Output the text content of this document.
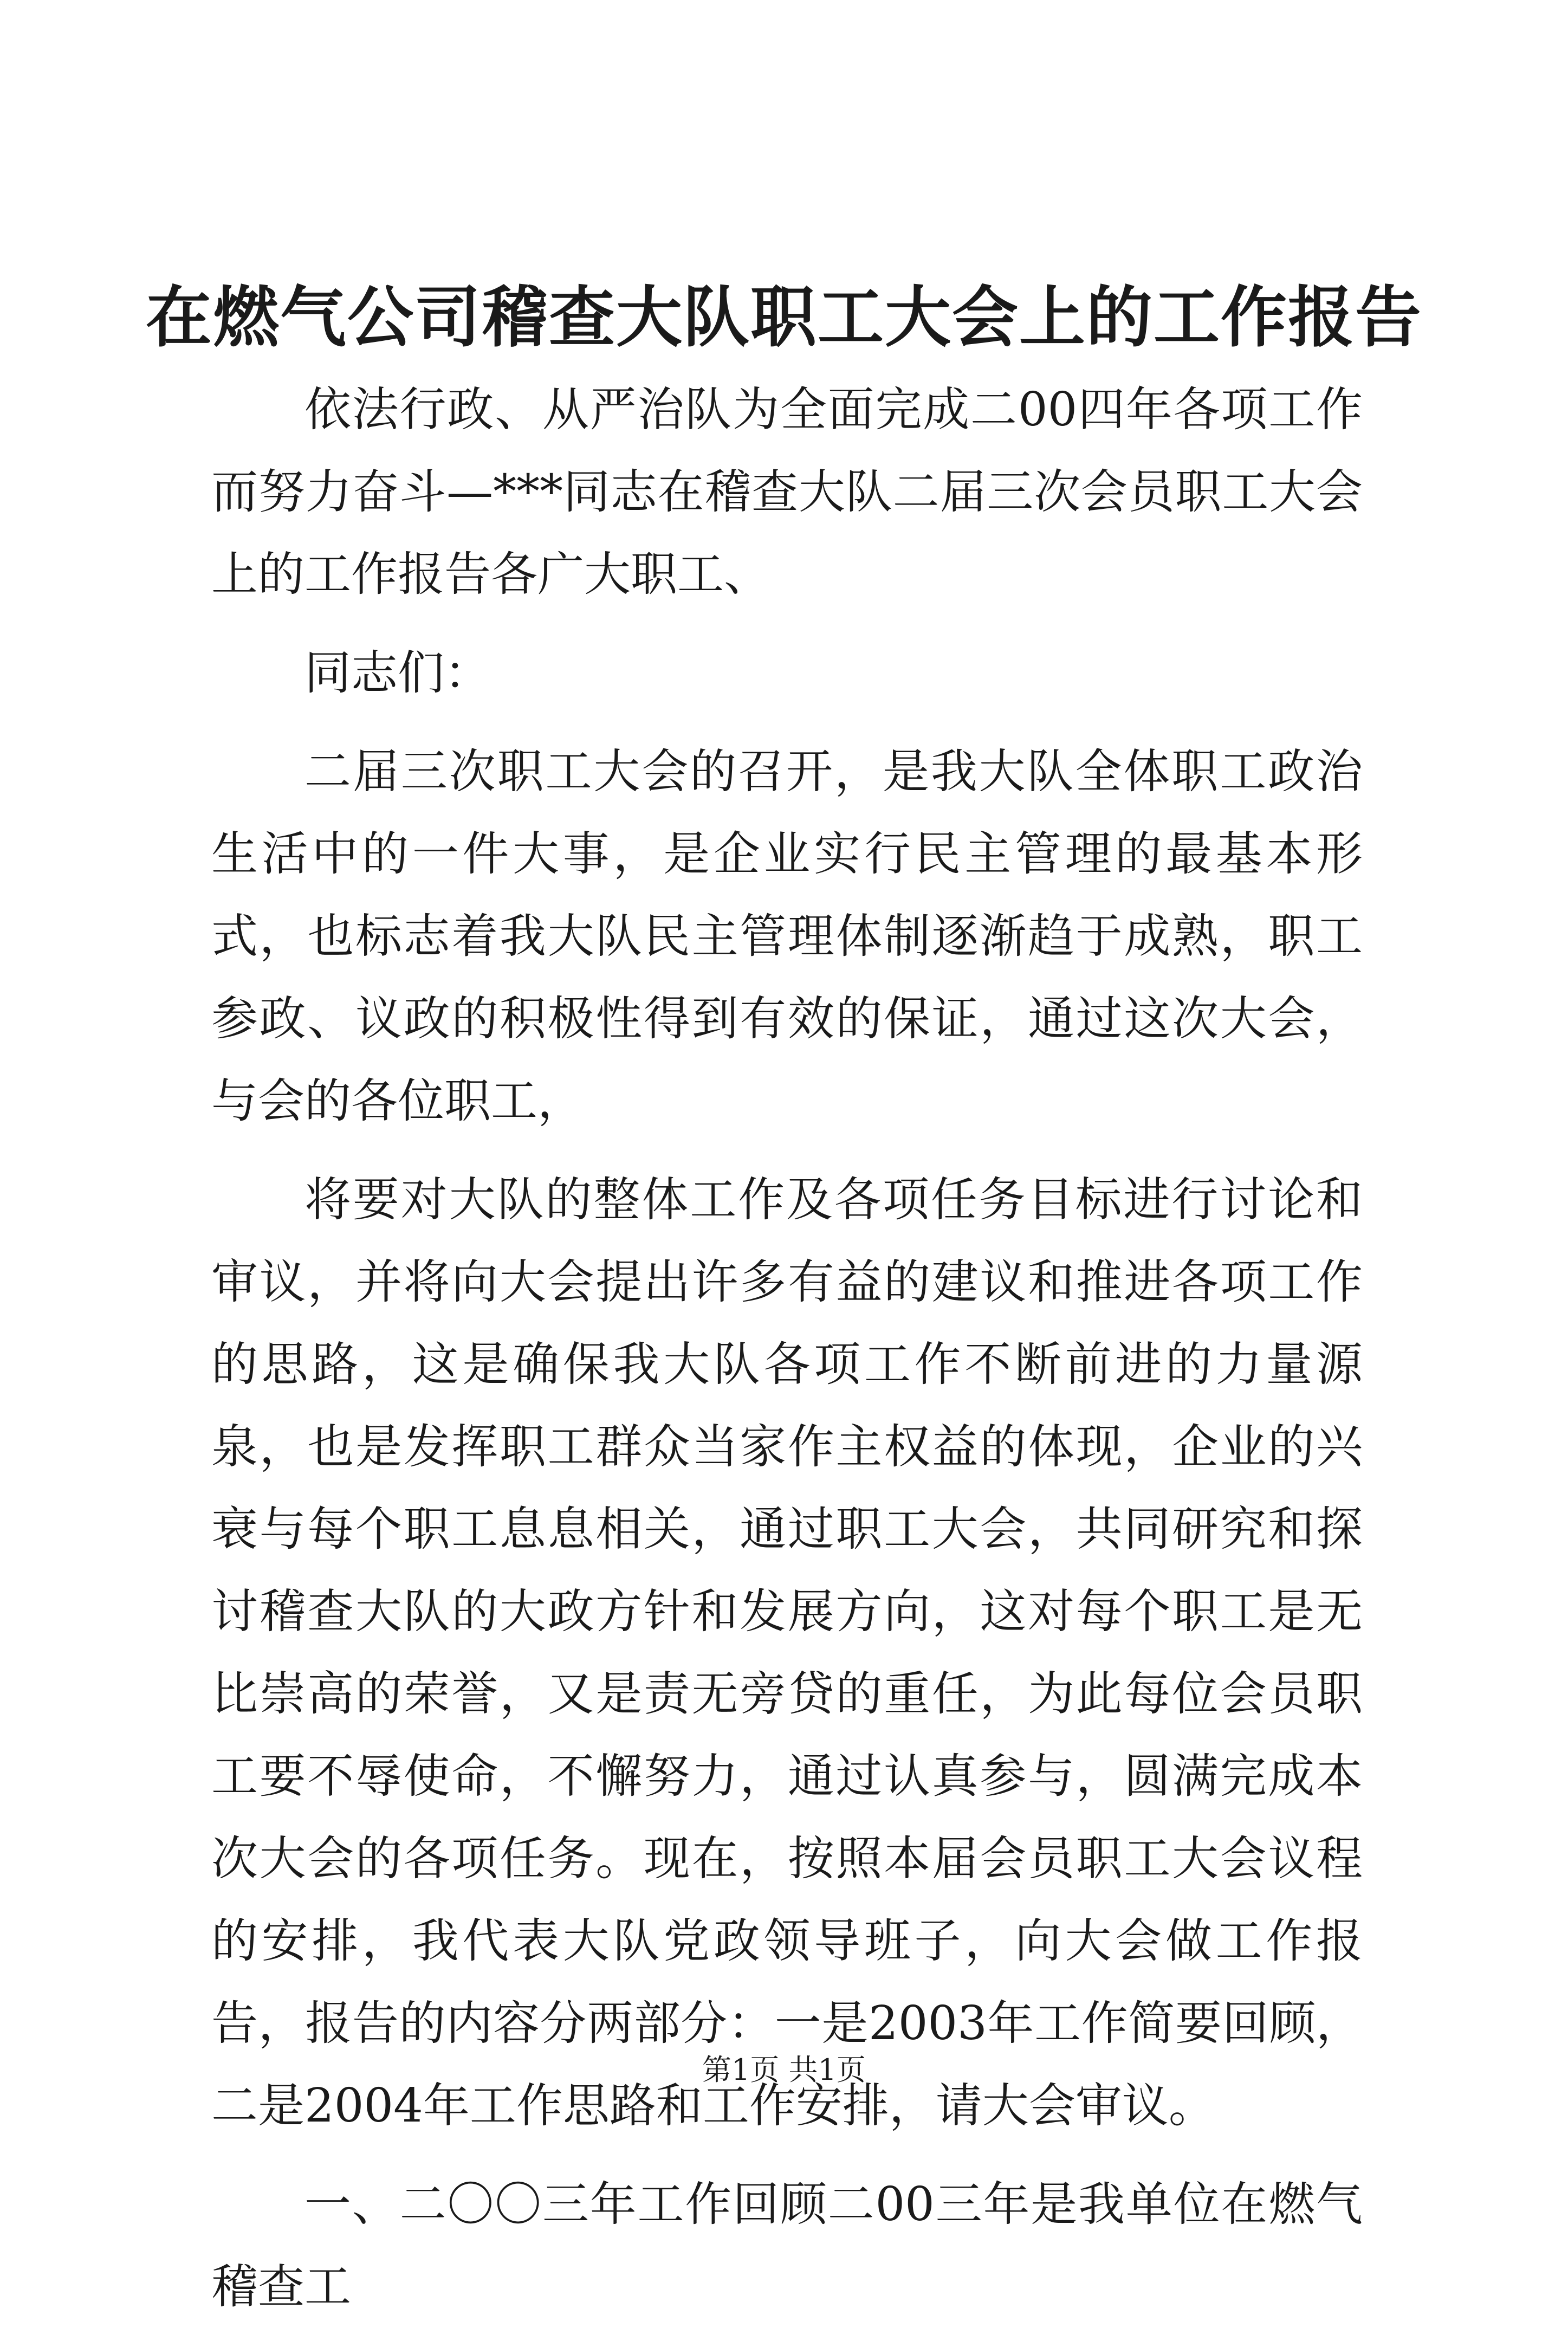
在燃气公司稽查大队职工大会上的工作报告

依法行政、从严治队为全面完成二00四年各项工作而努力奋斗—***同志在稽查大队二届三次会员职工大会上的工作报告各广大职工、

同志们：

二届三次职工大会的召开，是我大队全体职工政治生活中的一件大事，是企业实行民主管理的最基本形式，也标志着我大队民主管理体制逐渐趋于成熟，职工参政、议政的积极性得到有效的保证，通过这次大会，与会的各位职工，

将要对大队的整体工作及各项任务目标进行讨论和审议，并将向大会提出许多有益的建议和推进各项工作的思路，这是确保我大队各项工作不断前进的力量源泉，也是发挥职工群众当家作主权益的体现，企业的兴衰与每个职工息息相关，通过职工大会，共同研究和探讨稽查大队的大政方针和发展方向，这对每个职工是无比崇高的荣誉，又是责无旁贷的重任，为此每位会员职工要不辱使命，不懈努力，通过认真参与，圆满完成本次大会的各项任务。现在，按照本届会员职工大会议程的安排，我代表大队党政领导班子，向大会做工作报告，报告的内容分两部分：一是2003年工作简要回顾，二是2004年工作思路和工作安排，请大会审议。

一、二〇〇三年工作回顾二00三年是我单位在燃气稽查工

第1页 共1页
